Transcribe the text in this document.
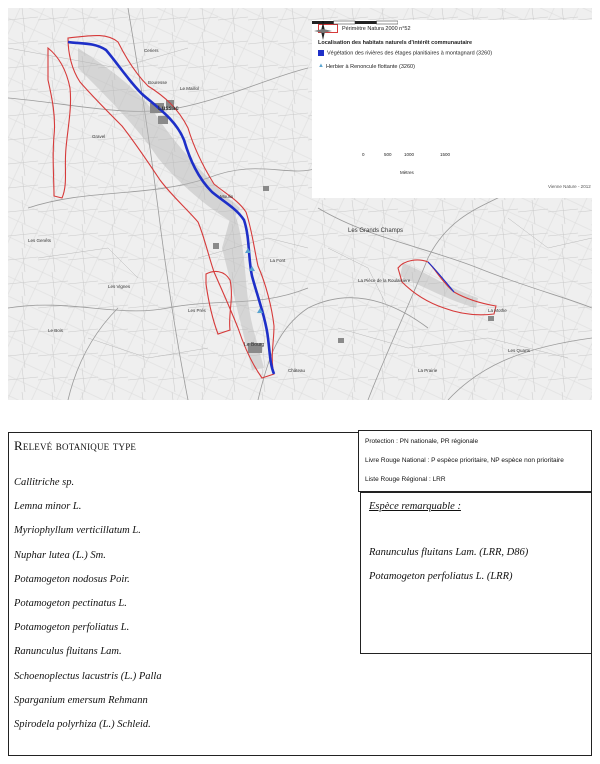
Ceriers
Bouresse
Le Maillol
Gravel
Les Grands Champs
La Pièce de la Roulaisière
Lussac
Moulin
Les Genêts
Le Bourg
Les Vignes
La Font
Le Bois
Les Prés	La Mothe
Les Quarts
La Prairie
Château
Périmètre Natura 2000 n°52
Localisation des habitats naturels d'intérêt communautaire
Végétation des rivières des étages planitiaires à montagnard (3260)
▲ Herbier à Renoncule flottante (3260)
0	500	1000	1500
Mètres
N
Vienne Nature - 2012
Relevé botanique type
Callitriche sp.
Lemna minor L.
Myriophyllum verticillatum L.
Nuphar lutea (L.) Sm.
Potamogeton nodosus Poir.
Potamogeton pectinatus L.
Potamogeton perfoliatus L.
Ranunculus fluitans Lam.
Schoenoplectus lacustris (L.) Palla
Sparganium emersum Rehmann
Spirodela polyrhiza (L.) Schleid.
Protection : PN nationale, PR régionale
Livre Rouge National : P espèce prioritaire, NP espèce non prioritaire
Liste Rouge Régional : LRR
Espèce remarquable :
Ranunculus fluitans Lam. (LRR, D86)
Potamogeton perfoliatus L. (LRR)
